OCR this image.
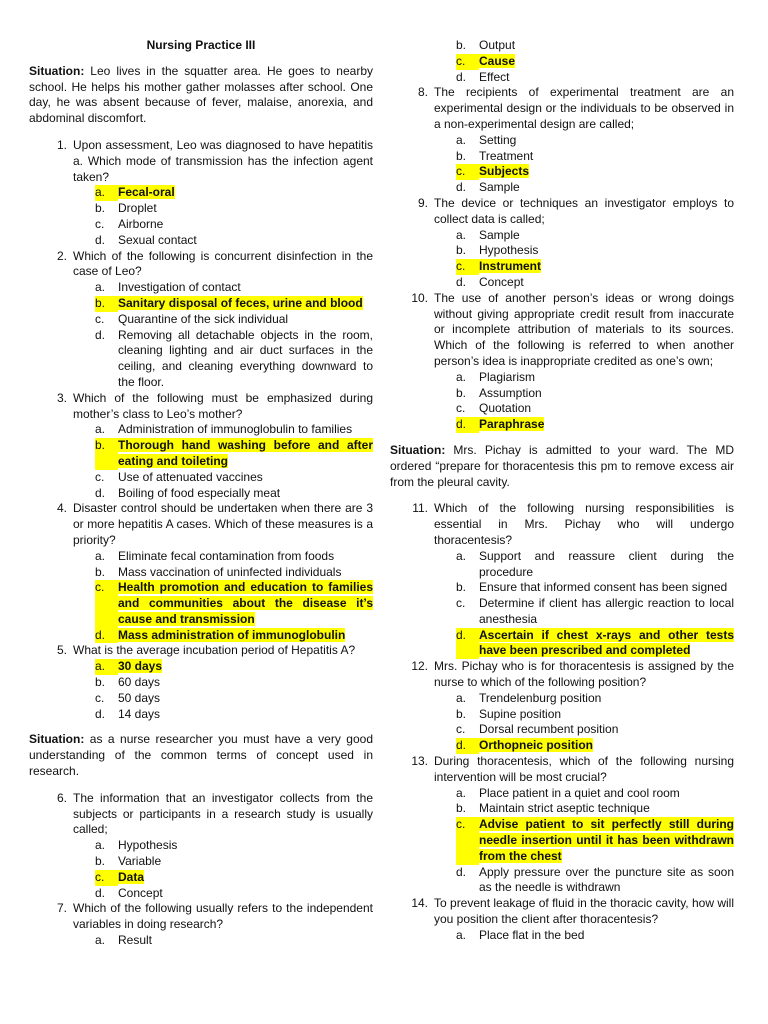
Nursing Practice III
Situation: Leo lives in the squatter area. He goes to nearby school. He helps his mother gather molasses after school. One day, he was absent because of fever, malaise, anorexia, and abdominal discomfort.
1. Upon assessment, Leo was diagnosed to have hepatitis a. Which mode of transmission has the infection agent taken?
a.	Fecal-oral
b.	Droplet
c.	Airborne
d.	Sexual contact
2. Which of the following is concurrent disinfection in the case of Leo?
a.	Investigation of contact
b.	Sanitary disposal of feces, urine and blood
c.	Quarantine of the sick individual
d.	Removing all detachable objects in the room, cleaning lighting and air duct surfaces in the ceiling, and cleaning everything downward to the floor.
3. Which of the following must be emphasized during mother’s class to Leo’s mother?
a.	Administration of immunoglobulin to families
b.	Thorough hand washing before and after eating and toileting
c.	Use of attenuated vaccines
d.	Boiling of food especially meat
4. Disaster control should be undertaken when there are 3 or more hepatitis A cases. Which of these measures is a priority?
a.	Eliminate fecal contamination from foods
b.	Mass vaccination of uninfected individuals
c.	Health promotion and education to families and communities about the disease it’s cause and transmission
d.	Mass administration of immunoglobulin
5. What is the average incubation period of Hepatitis A?
a.	30 days
b.	60 days
c.	50 days
d.	14 days
Situation: as a nurse researcher you must have a very good understanding of the common terms of concept used in research.
6. The information that an investigator collects from the subjects or participants in a research study is usually called;
a.	Hypothesis
b.	Variable
c.	Data
d.	Concept
7. Which of the following usually refers to the independent variables in doing research?
a.	Result
b.	Output
c.	Cause
d.	Effect
8. The recipients of experimental treatment are an experimental design or the individuals to be observed in a non-experimental design are called;
a.	Setting
b.	Treatment
c.	Subjects
d.	Sample
9. The device or techniques an investigator employs to collect data is called;
a.	Sample
b.	Hypothesis
c.	Instrument
d.	Concept
10. The use of another person’s ideas or wrong doings without giving appropriate credit result from inaccurate or incomplete attribution of materials to its sources. Which of the following is referred to when another person’s idea is inappropriate credited as one’s own;
a.	Plagiarism
b.	Assumption
c.	Quotation
d.	Paraphrase
Situation: Mrs. Pichay is admitted to your ward. The MD ordered “prepare for thoracentesis this pm to remove excess air from the pleural cavity.
11. Which of the following nursing responsibilities is essential in Mrs. Pichay who will undergo thoracentesis?
a.	Support and reassure client during the procedure
b.	Ensure that informed consent has been signed
c.	Determine if client has allergic reaction to local anesthesia
d.	Ascertain if chest x-rays and other tests have been prescribed and completed
12. Mrs. Pichay who is for thoracentesis is assigned by the nurse to which of the following position?
a.	Trendelenburg position
b.	Supine position
c.	Dorsal recumbent position
d.	Orthopneic position
13. During thoracentesis, which of the following nursing intervention will be most crucial?
a.	Place patient in a quiet and cool room
b.	Maintain strict aseptic technique
c.	Advise patient to sit perfectly still during needle insertion until it has been withdrawn from the chest
d.	Apply pressure over the puncture site as soon as the needle is withdrawn
14. To prevent leakage of fluid in the thoracic cavity, how will you position the client after thoracentesis?
a.	Place flat in the bed
